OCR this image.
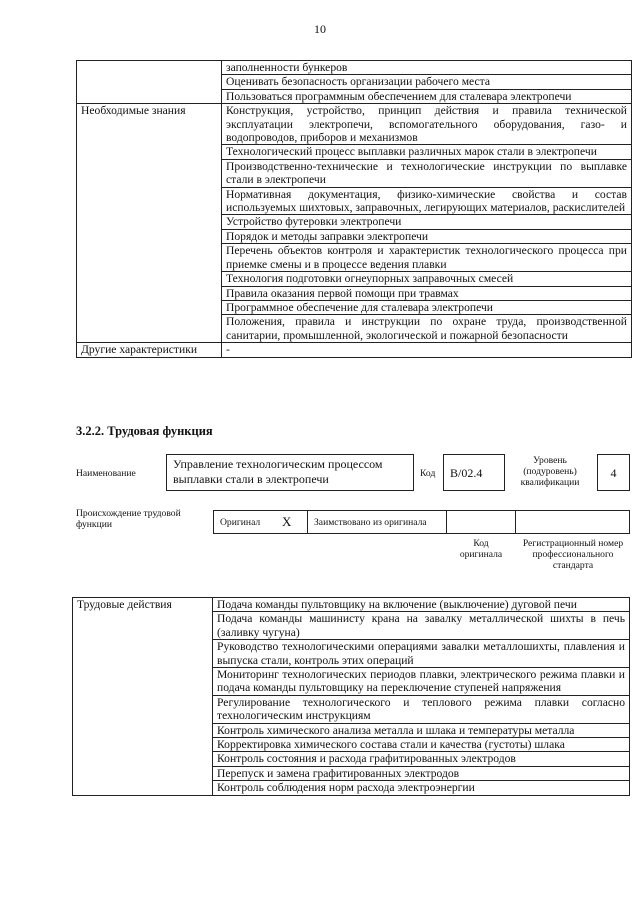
10
	заполненности бункеров
	Оценивать безопасность организации рабочего места
	Пользоваться программным обеспечением для сталевара электропечи
Необходимые знания	Конструкция, устройство, принцип действия и правила технической эксплуатации электропечи, вспомогательного оборудования, газо- и водопроводов, приборов и механизмов
	Технологический процесс выплавки различных марок стали в электропечи
	Производственно-технические и технологические инструкции по выплавке стали в электропечи
	Нормативная документация, физико-химические свойства и состав используемых шихтовых, заправочных, легирующих материалов, раскислителей
	Устройство футеровки электропечи
	Порядок и методы заправки электропечи
	Перечень объектов контроля и характеристик технологического процесса при приемке смены и в процессе ведения плавки
	Технология подготовки огнеупорных заправочных смесей
	Правила оказания первой помощи при травмах
	Программное обеспечение для сталевара электропечи
	Положения, правила и инструкции по охране труда, производственной санитарии, промышленной, экологической и пожарной безопасности
Другие характеристики	-
3.2.2. Трудовая функция
Наименование
Управление технологическим процессом выплавки стали в электропечи	Код	B/02.4
Уровень (подуровень) квалификации
4
Происхождение трудовой функции	Оригинал X	Заимствовано из оригинала
Код оригинала
Регистрационный номер профессионального стандарта
Трудовые действия	Подача команды пультовщику на включение (выключение) дуговой печи
Подача команды машинисту крана на завалку металлической шихты в печь (заливку чугуна)
Руководство технологическими операциями завалки металлошихты, плавления и выпуска стали, контроль этих операций
Мониторинг технологических периодов плавки, электрического режима плавки и подача команды пультовщику на переключение ступеней напряжения
Регулирование технологического и теплового режима плавки согласно технологическим инструкциям
Контроль химического анализа металла и шлака и температуры металла
Корректировка химического состава стали и качества (густоты) шлака
Контроль состояния и расхода графитированных электродов
Перепуск и замена графитированных электродов
Контроль соблюдения норм расхода электроэнергии
